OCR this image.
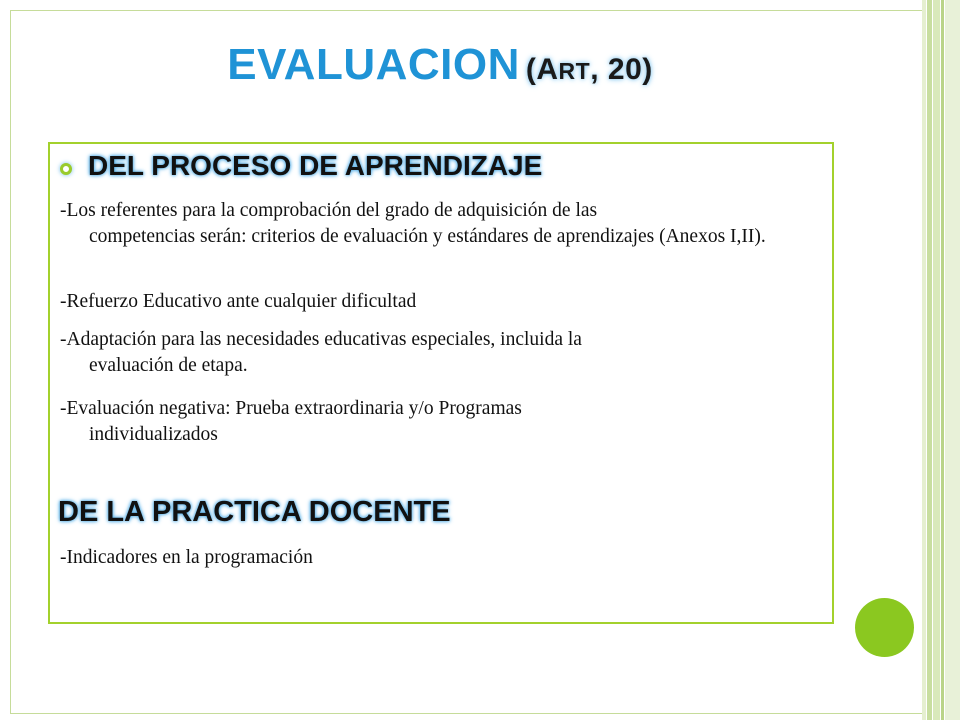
EVALUACION (ART, 20)
DEL PROCESO DE APRENDIZAJE
-Los referentes para la comprobación del grado de adquisición de las
competencias serán: criterios de evaluación y estándares de aprendizajes (Anexos I,II).
-Refuerzo Educativo ante cualquier dificultad
-Adaptación para las necesidades educativas especiales, incluida la
evaluación de etapa.
-Evaluación negativa: Prueba extraordinaria y/o Programas
individualizados
DE LA PRACTICA DOCENTE
-Indicadores en la programación
